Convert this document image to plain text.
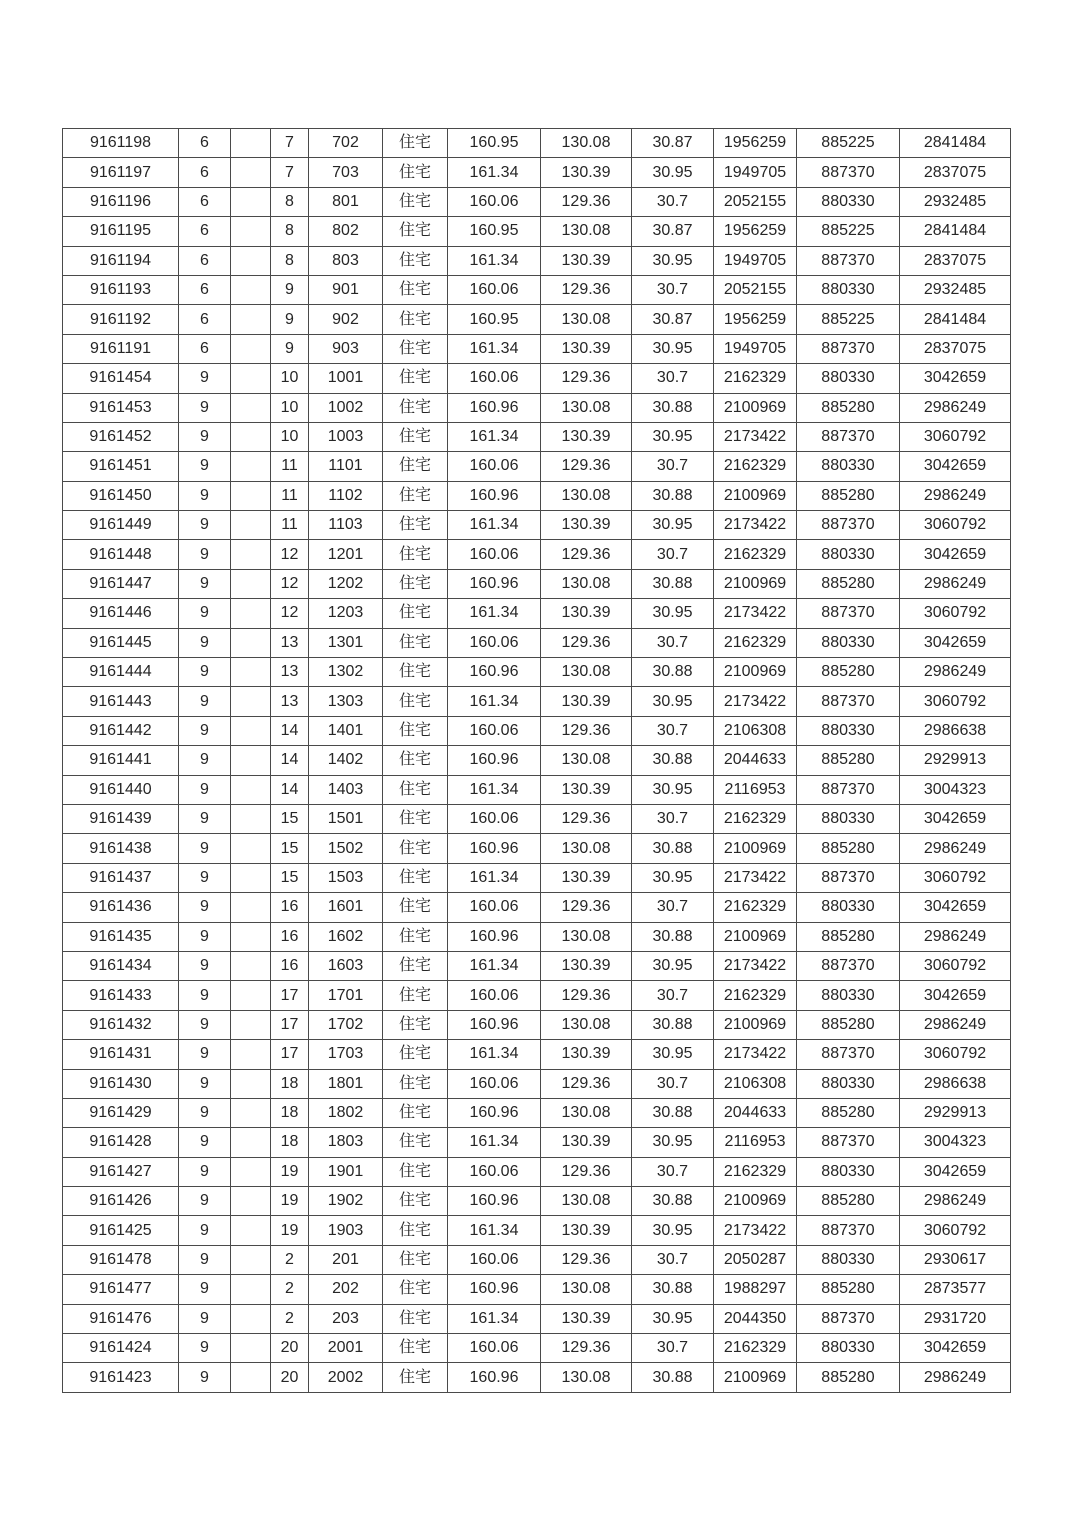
9161198	6		7	702	住宅	160.95	130.08	30.87	1956259	885225	2841484
9161197	6		7	703	住宅	161.34	130.39	30.95	1949705	887370	2837075
9161196	6		8	801	住宅	160.06	129.36	30.7	2052155	880330	2932485
9161195	6		8	802	住宅	160.95	130.08	30.87	1956259	885225	2841484
9161194	6		8	803	住宅	161.34	130.39	30.95	1949705	887370	2837075
9161193	6		9	901	住宅	160.06	129.36	30.7	2052155	880330	2932485
9161192	6		9	902	住宅	160.95	130.08	30.87	1956259	885225	2841484
9161191	6		9	903	住宅	161.34	130.39	30.95	1949705	887370	2837075
9161454	9		10	1001	住宅	160.06	129.36	30.7	2162329	880330	3042659
9161453	9		10	1002	住宅	160.96	130.08	30.88	2100969	885280	2986249
9161452	9		10	1003	住宅	161.34	130.39	30.95	2173422	887370	3060792
9161451	9		11	1101	住宅	160.06	129.36	30.7	2162329	880330	3042659
9161450	9		11	1102	住宅	160.96	130.08	30.88	2100969	885280	2986249
9161449	9		11	1103	住宅	161.34	130.39	30.95	2173422	887370	3060792
9161448	9		12	1201	住宅	160.06	129.36	30.7	2162329	880330	3042659
9161447	9		12	1202	住宅	160.96	130.08	30.88	2100969	885280	2986249
9161446	9		12	1203	住宅	161.34	130.39	30.95	2173422	887370	3060792
9161445	9		13	1301	住宅	160.06	129.36	30.7	2162329	880330	3042659
9161444	9		13	1302	住宅	160.96	130.08	30.88	2100969	885280	2986249
9161443	9		13	1303	住宅	161.34	130.39	30.95	2173422	887370	3060792
9161442	9		14	1401	住宅	160.06	129.36	30.7	2106308	880330	2986638
9161441	9		14	1402	住宅	160.96	130.08	30.88	2044633	885280	2929913
9161440	9		14	1403	住宅	161.34	130.39	30.95	2116953	887370	3004323
9161439	9		15	1501	住宅	160.06	129.36	30.7	2162329	880330	3042659
9161438	9		15	1502	住宅	160.96	130.08	30.88	2100969	885280	2986249
9161437	9		15	1503	住宅	161.34	130.39	30.95	2173422	887370	3060792
9161436	9		16	1601	住宅	160.06	129.36	30.7	2162329	880330	3042659
9161435	9		16	1602	住宅	160.96	130.08	30.88	2100969	885280	2986249
9161434	9		16	1603	住宅	161.34	130.39	30.95	2173422	887370	3060792
9161433	9		17	1701	住宅	160.06	129.36	30.7	2162329	880330	3042659
9161432	9		17	1702	住宅	160.96	130.08	30.88	2100969	885280	2986249
9161431	9		17	1703	住宅	161.34	130.39	30.95	2173422	887370	3060792
9161430	9		18	1801	住宅	160.06	129.36	30.7	2106308	880330	2986638
9161429	9		18	1802	住宅	160.96	130.08	30.88	2044633	885280	2929913
9161428	9		18	1803	住宅	161.34	130.39	30.95	2116953	887370	3004323
9161427	9		19	1901	住宅	160.06	129.36	30.7	2162329	880330	3042659
9161426	9		19	1902	住宅	160.96	130.08	30.88	2100969	885280	2986249
9161425	9		19	1903	住宅	161.34	130.39	30.95	2173422	887370	3060792
9161478	9		2	201	住宅	160.06	129.36	30.7	2050287	880330	2930617
9161477	9		2	202	住宅	160.96	130.08	30.88	1988297	885280	2873577
9161476	9		2	203	住宅	161.34	130.39	30.95	2044350	887370	2931720
9161424	9		20	2001	住宅	160.06	129.36	30.7	2162329	880330	3042659
9161423	9		20	2002	住宅	160.96	130.08	30.88	2100969	885280	2986249
